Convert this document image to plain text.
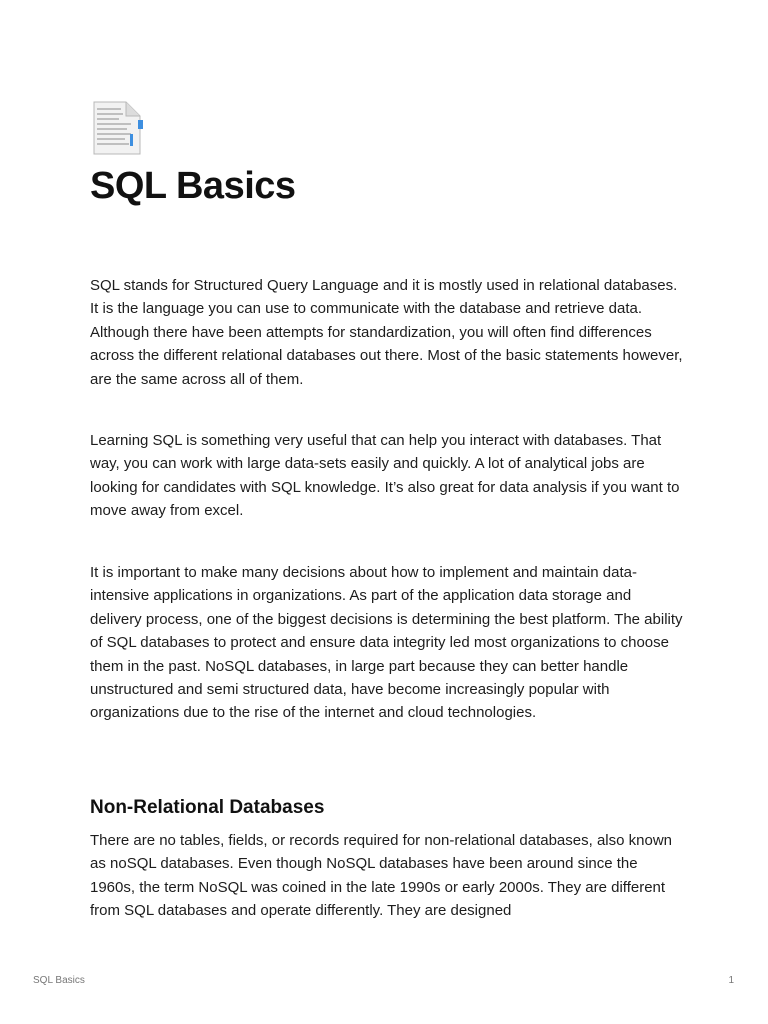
SQL Basics

SQL stands for Structured Query Language and it is mostly used in relational databases. It is the language you can use to communicate with the database and retrieve data. Although there have been attempts for standardization, you will often find differences across the different relational databases out there. Most of the basic statements however, are the same across all of them.

Learning SQL is something very useful that can help you interact with databases. That way, you can work with large data-sets easily and quickly. A lot of analytical jobs are looking for candidates with SQL knowledge. It’s also great for data analysis if you want to move away from excel.

It is important to make many decisions about how to implement and maintain data-intensive applications in organizations. As part of the application data storage and delivery process, one of the biggest decisions is determining the best platform. The ability of SQL databases to protect and ensure data integrity led most organizations to choose them in the past. NoSQL databases, in large part because they can better handle unstructured and semi structured data, have become increasingly popular with organizations due to the rise of the internet and cloud technologies.

Non-Relational Databases

There are no tables, fields, or records required for non-relational databases, also known as noSQL databases. Even though NoSQL databases have been around since the 1960s, the term NoSQL was coined in the late 1990s or early 2000s. They are different from SQL databases and operate differently. They are designed

SQL Basics	1
